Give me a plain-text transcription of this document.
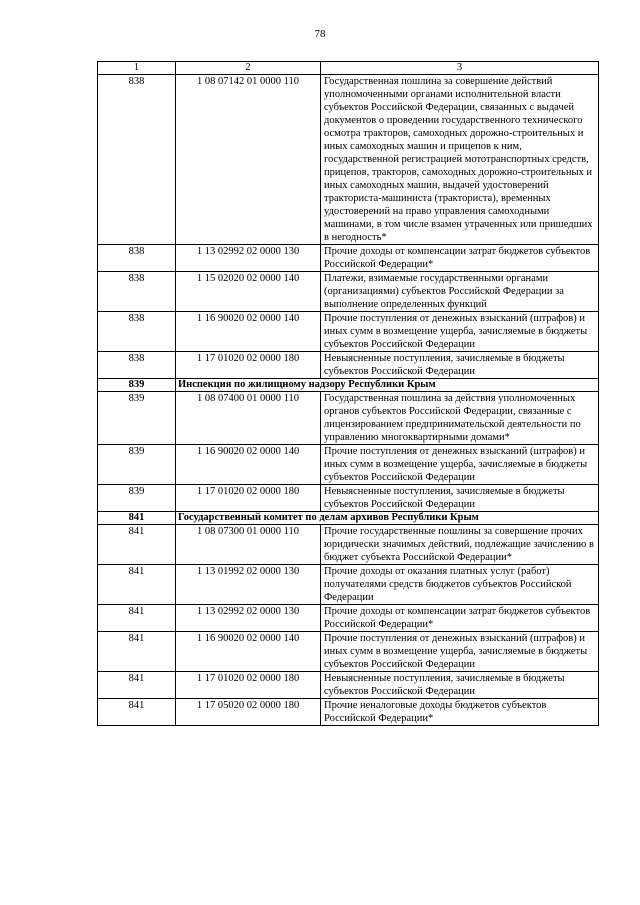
78
1	2	3
838	1 08 07142 01 0000 110	Государственная пошлина за совершение действий уполномоченными органами исполнительной власти субъектов Российской Федерации, связанных с выдачей документов о проведении государственного технического осмотра тракторов, самоходных дорожно-строительных и иных самоходных машин и прицепов к ним, государственной регистрацией мототранспортных средств, прицепов, тракторов, самоходных дорожно-строительных и иных самоходных машин, выдачей удостоверений тракториста-машиниста (тракториста), временных удостоверений на право управления самоходными машинами, в том числе взамен утраченных или пришедших в негодность*
838	1 13 02992 02 0000 130	Прочие доходы от компенсации затрат бюджетов субъектов Российской Федерации*
838	1 15 02020 02 0000 140	Платежи, взимаемые государственными органами (организациями) субъектов Российской Федерации за выполнение определенных функций
838	1 16 90020 02 0000 140	Прочие поступления от денежных взысканий (штрафов) и иных сумм в возмещение ущерба, зачисляемые в бюджеты субъектов Российской Федерации
838	1 17 01020 02 0000 180	Невыясненные поступления, зачисляемые в бюджеты субъектов Российской Федерации
839	Инспекция по жилищному надзору Республики Крым	
839	1 08 07400 01 0000 110	Государственная пошлина за действия уполномоченных органов субъектов Российской Федерации, связанные с лицензированием предпринимательской деятельности по управлению многоквартирными домами*
839	1 16 90020 02 0000 140	Прочие поступления от денежных взысканий (штрафов) и иных сумм в возмещение ущерба, зачисляемые в бюджеты субъектов Российской Федерации
839	1 17 01020 02 0000 180	Невыясненные поступления, зачисляемые в бюджеты субъектов Российской Федерации
841	Государственный комитет по делам архивов Республики Крым	
841	1 08 07300 01 0000 110	Прочие государственные пошлины за совершение прочих юридически значимых действий, подлежащие зачислению в бюджет субъекта Российской Федерации*
841	1 13 01992 02 0000 130	Прочие доходы от оказания платных услуг (работ) получателями средств бюджетов субъектов Российской Федерации
841	1 13 02992 02 0000 130	Прочие доходы от компенсации затрат бюджетов субъектов Российской Федерации*
841	1 16 90020 02 0000 140	Прочие поступления от денежных взысканий (штрафов) и иных сумм в возмещение ущерба, зачисляемые в бюджеты субъектов Российской Федерации
841	1 17 01020 02 0000 180	Невыясненные поступления, зачисляемые в бюджеты субъектов Российской Федерации
841	1 17 05020 02 0000 180	Прочие неналоговые доходы бюджетов субъектов Российской Федерации*
